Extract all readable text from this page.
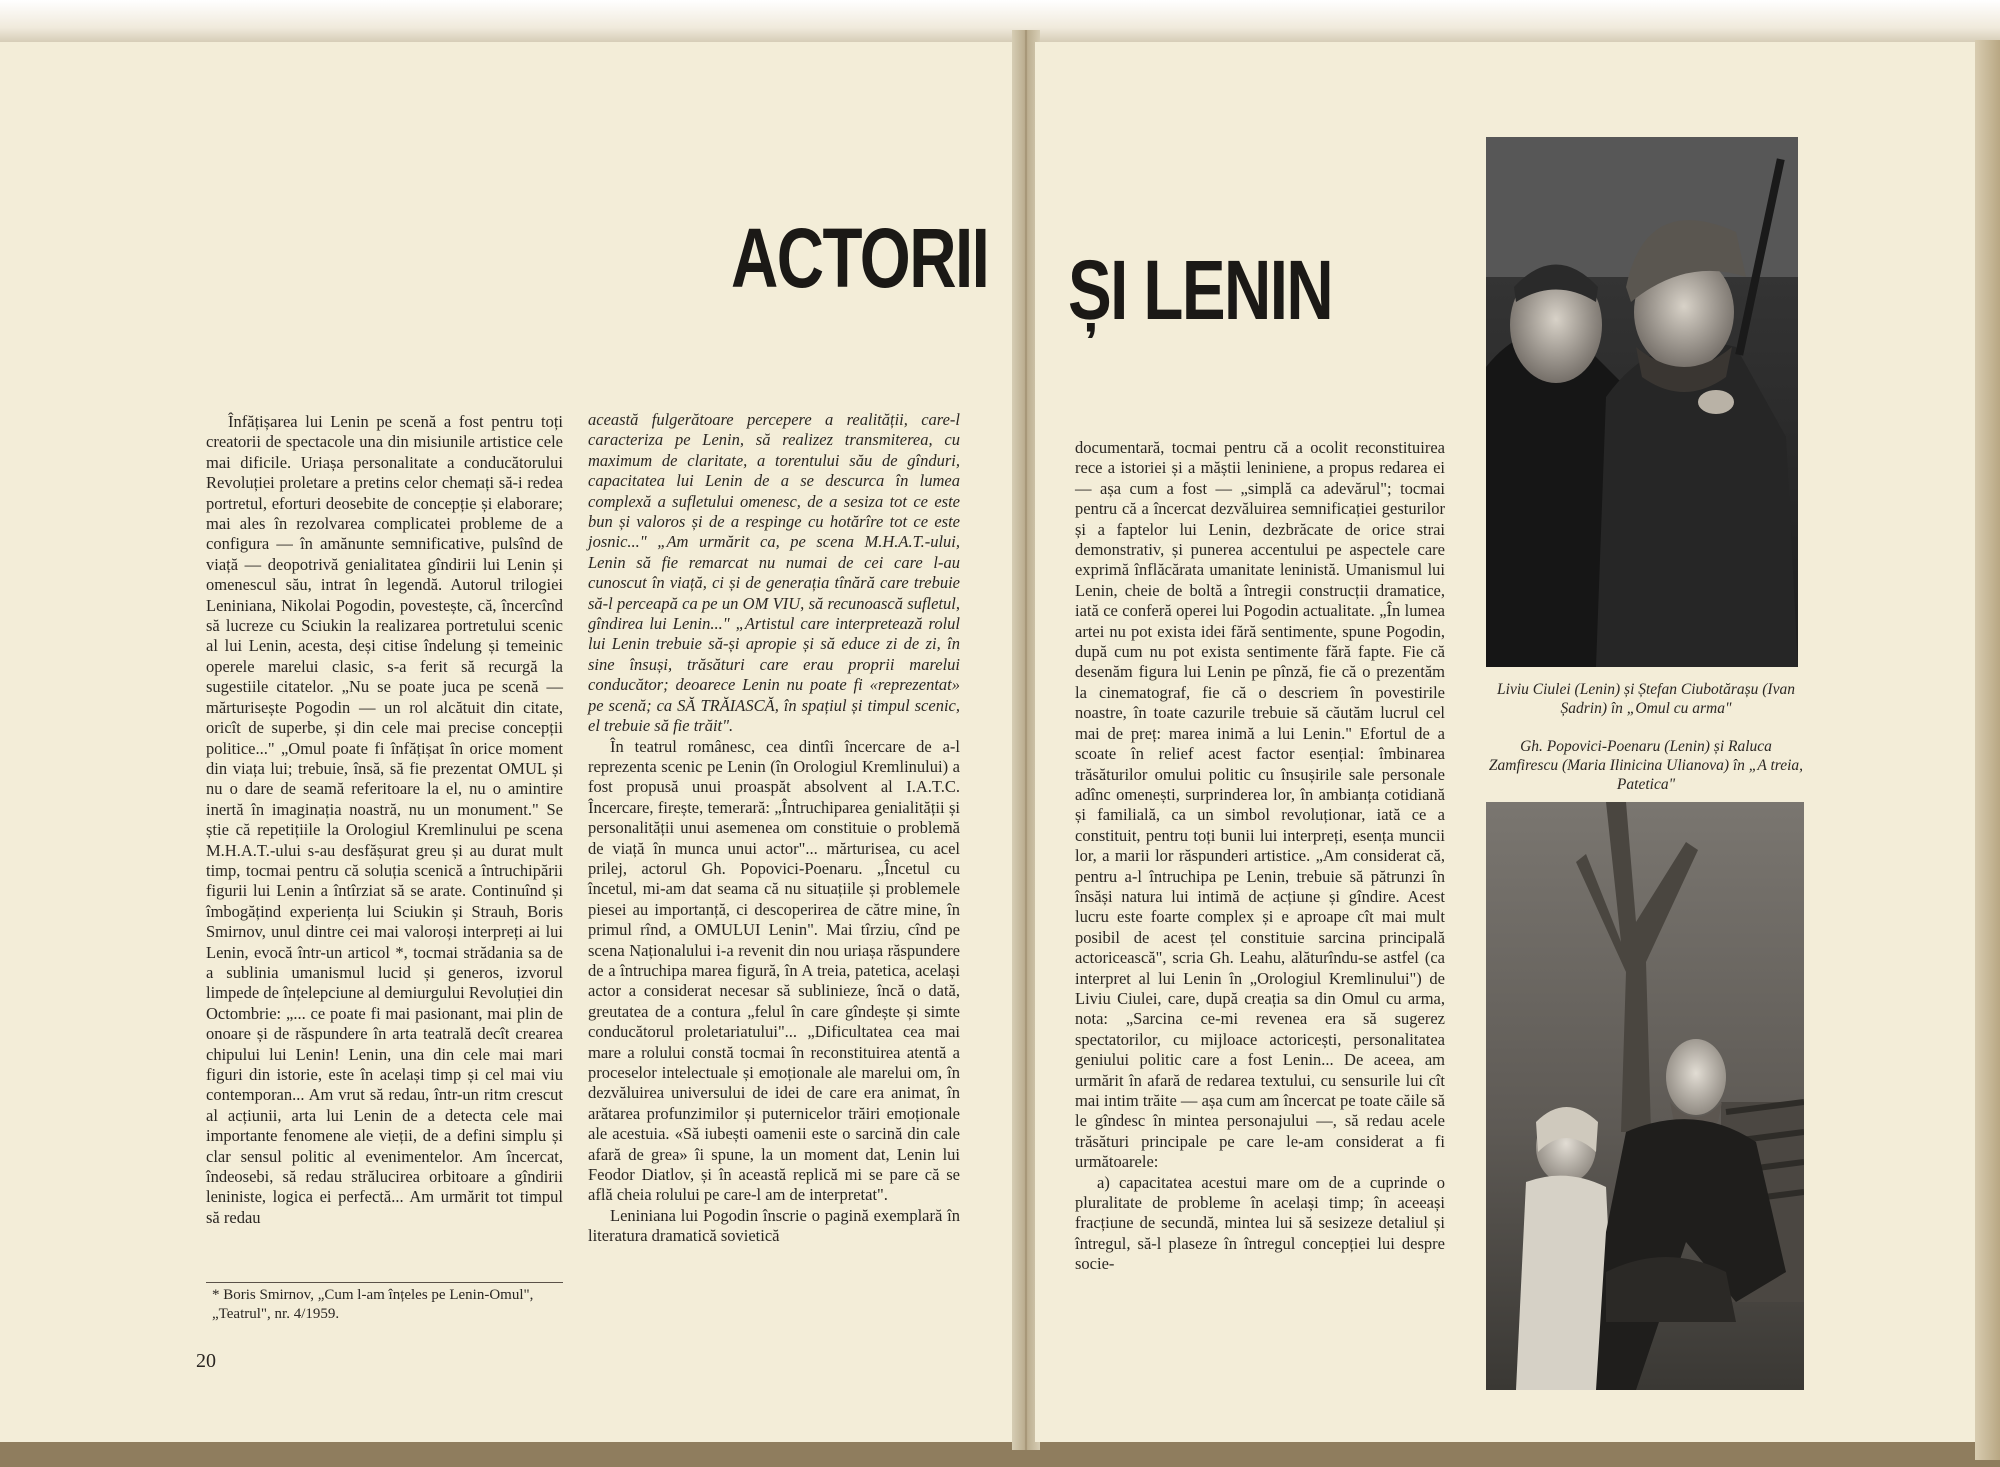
ACTORII

Înfățișarea lui Lenin pe scenă a fost pentru toți creatorii de spectacole una din misiunile artistice cele mai dificile. Uriașa personalitate a conducătorului Revoluției proletare a pretins celor chemați să-i redea portretul, eforturi deosebite de concepție și elaborare; mai ales în rezolvarea complicatei probleme de a configura — în amănunte semnificative, pulsînd de viață — deopotrivă genialitatea gîndirii lui Lenin și omenescul său, intrat în legendă. Autorul trilogiei Leniniana, Nikolai Pogodin, povestește, că, încercînd să lucreze cu Sciukin la realizarea portretului scenic al lui Lenin, acesta, deși citise îndelung și temeinic operele marelui clasic, s-a ferit să recurgă la sugestiile citatelor. „Nu se poate juca pe scenă — mărturisește Pogodin — un rol alcătuit din citate, oricît de superbe, și din cele mai precise concepții politice..." „Omul poate fi înfățișat în orice moment din viața lui; trebuie, însă, să fie prezentat OMUL și nu o dare de seamă referitoare la el, nu o amintire inertă în imaginația noastră, nu un monument." Se știe că repetițiile la Orologiul Kremlinului pe scena M.H.A.T.-ului s-au desfășurat greu și au durat mult timp, tocmai pentru că soluția scenică a întruchipării figurii lui Lenin a întîrziat să se arate. Continuînd și îmbogățind experiența lui Sciukin și Strauh, Boris Smirnov, unul dintre cei mai valoroși interpreți ai lui Lenin, evocă într-un articol *, tocmai strădania sa de a sublinia umanismul lucid și generos, izvorul limpede de înțelepciune al demiurgului Revoluției din Octombrie: „... ce poate fi mai pasionant, mai plin de onoare și de răspundere în arta teatrală decît crearea chipului lui Lenin! Lenin, una din cele mai mari figuri din istorie, este în același timp și cel mai viu contemporan... Am vrut să redau, într-un ritm crescut al acțiunii, arta lui Lenin de a detecta cele mai importante fenomene ale vieții, de a defini simplu și clar sensul politic al evenimentelor. Am încercat, îndeosebi, să redau strălucirea orbitoare a gîndirii leniniste, logica ei perfectă... Am urmărit tot timpul să redau

* Boris Smirnov, „Cum l-am înțeles pe Lenin-Omul", „Teatrul", nr. 4/1959.

această fulgerătoare percepere a realității, care-l caracteriza pe Lenin, să realizez transmiterea, cu maximum de claritate, a torentului său de gînduri, capacitatea lui Lenin de a se descurca în lumea complexă a sufletului omenesc, de a sesiza tot ce este bun și valoros și de a respinge cu hotărîre tot ce este josnic..." „Am urmărit ca, pe scena M.H.A.T.-ului, Lenin să fie remarcat nu numai de cei care l-au cunoscut în viață, ci și de generația tînără care trebuie să-l perceapă ca pe un OM VIU, să recunoască sufletul, gîndirea lui Lenin..." „Artistul care interpretează rolul lui Lenin trebuie să-și apropie și să educe zi de zi, în sine însuși, trăsături care erau proprii marelui conducător; deoarece Lenin nu poate fi «reprezentat» pe scenă; ca SĂ TRĂIASCĂ, în spațiul și timpul scenic, el trebuie să fie trăit".

În teatrul românesc, cea dintîi încercare de a-l reprezenta scenic pe Lenin (în Orologiul Kremlinului) a fost propusă unui proaspăt absolvent al I.A.T.C. Încercare, firește, temerară: „Întruchiparea genialității și personalității unui asemenea om constituie o problemă de viață în munca unui actor"... mărturisea, cu acel prilej, actorul Gh. Popovici-Poenaru. „Încetul cu încetul, mi-am dat seama că nu situațiile și problemele piesei au importanță, ci descoperirea de către mine, în primul rînd, a OMULUI Lenin". Mai tîrziu, cînd pe scena Naționalului i-a revenit din nou uriașa răspundere de a întruchipa marea figură, în A treia, patetica, același actor a considerat necesar să sublinieze, încă o dată, greutatea de a contura „felul în care gîndește și simte conducătorul proletariatului"... „Dificultatea cea mai mare a rolului constă tocmai în reconstituirea atentă a proceselor intelectuale și emoționale ale marelui om, în dezvăluirea universului de idei de care era animat, în arătarea profunzimilor și puternicelor trăiri emoționale ale acestuia. «Să iubești oamenii este o sarcină din cale afară de grea» îi spune, la un moment dat, Lenin lui Feodor Diatlov, și în această replică mi se pare că se află cheia rolului pe care-l am de interpretat".

Leniniana lui Pogodin înscrie o pagină exemplară în literatura dramatică sovietică

20
ȘI LENIN

documentară, tocmai pentru că a ocolit reconstituirea rece a istoriei și a măștii leniniene, a propus redarea ei — așa cum a fost — „simplă ca adevărul"; tocmai pentru că a încercat dezvăluirea semnificației gesturilor și a faptelor lui Lenin, dezbrăcate de orice strai demonstrativ, și punerea accentului pe aspectele care exprimă înflăcărata umanitate leninistă. Umanismul lui Lenin, cheie de boltă a întregii construcții dramatice, iată ce conferă operei lui Pogodin actualitate. „În lumea artei nu pot exista idei fără sentimente, spune Pogodin, după cum nu pot exista sentimente fără fapte. Fie că desenăm figura lui Lenin pe pînză, fie că o prezentăm la cinematograf, fie că o descriem în povestirile noastre, în toate cazurile trebuie să căutăm lucrul cel mai de preț: marea inimă a lui Lenin." Efortul de a scoate în relief acest factor esențial: îmbinarea trăsăturilor omului politic cu însușirile sale personale adînc omenești, surprinderea lor, în ambianța cotidiană și familială, ca un simbol revoluționar, iată ce a constituit, pentru toți bunii lui interpreți, esența muncii lor, a marii lor răspunderi artistice. „Am considerat că, pentru a-l întruchipa pe Lenin, trebuie să pătrunzi în însăși natura lui intimă de acțiune și gîndire. Acest lucru este foarte complex și e aproape cît mai mult posibil de acest țel constituie sarcina principală actoricească", scria Gh. Leahu, alăturîndu-se astfel (ca interpret al lui Lenin în „Orologiul Kremlinului") de Liviu Ciulei, care, după creația sa din Omul cu arma, nota: „Sarcina ce-mi revenea era să sugerez spectatorilor, cu mijloace actoricești, personalitatea geniului politic care a fost Lenin... De aceea, am urmărit în afară de redarea textului, cu sensurile lui cît mai intim trăite — așa cum am încercat pe toate căile să le gîndesc în mintea personajului —, să redau acele trăsături principale pe care le-am considerat a fi următoarele:

a) capacitatea acestui mare om de a cuprinde o pluralitate de probleme în același timp; în aceeași fracțiune de secundă, mintea lui să sesizeze detaliul și întregul, să-l plaseze în întregul concepției lui despre socie-

Liviu Ciulei (Lenin) și Ștefan Ciubotărașu (Ivan Șadrin) în „Omul cu arma"
Gh. Popovici-Poenaru (Lenin) și Raluca Zamfirescu (Maria Ilinicina Ulianova) în „A treia, Patetica"
